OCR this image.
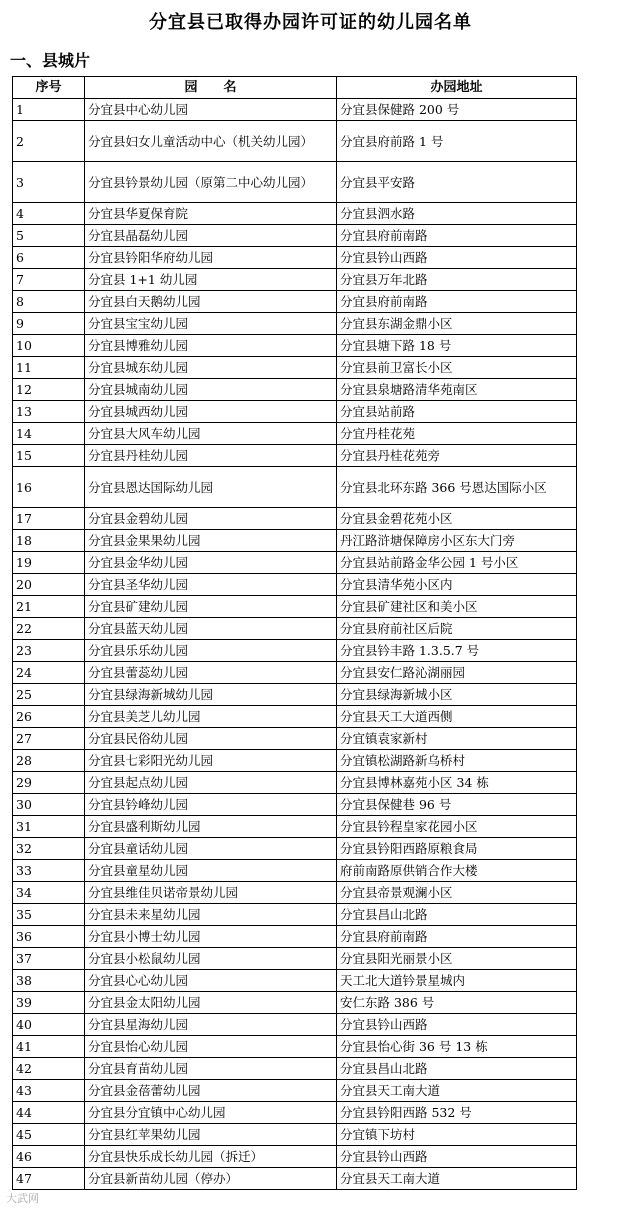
分宜县已取得办园许可证的幼儿园名单
一、县城片
序号	园　　名	办园地址
1	分宜县中心幼儿园	分宜县保健路 200 号
2	分宜县妇女儿童活动中心（机关幼儿园）	分宜县府前路 1 号
3	分宜县钤景幼儿园（原第二中心幼儿园）	分宜县平安路
4	分宜县华夏保育院	分宜县泗水路
5	分宜县晶磊幼儿园	分宜县府前南路
6	分宜县钤阳华府幼儿园	分宜县钤山西路
7	分宜县 1+1 幼儿园	分宜县万年北路
8	分宜县白天鹅幼儿园	分宜县府前南路
9	分宜县宝宝幼儿园	分宜县东湖金鼎小区
10	分宜县博雅幼儿园	分宜县塘下路 18 号
11	分宜县城东幼儿园	分宜县前卫富长小区
12	分宜县城南幼儿园	分宜县泉塘路清华苑南区
13	分宜县城西幼儿园	分宜县站前路
14	分宜县大风车幼儿园	分宜丹桂花苑
15	分宜县丹桂幼儿园	分宜县丹桂花苑旁
16	分宜县恩达国际幼儿园	分宜县北环东路 366 号恩达国际小区
17	分宜县金碧幼儿园	分宜县金碧花苑小区
18	分宜县金果果幼儿园	丹江路浒塘保障房小区东大门旁
19	分宜县金华幼儿园	分宜县站前路金华公园 1 号小区
20	分宜县圣华幼儿园	分宜县清华苑小区内
21	分宜县矿建幼儿园	分宜县矿建社区和美小区
22	分宜县蓝天幼儿园	分宜县府前社区后院
23	分宜县乐乐幼儿园	分宜县钤丰路 1.3.5.7 号
24	分宜县蕾蕊幼儿园	分宜县安仁路沁湖丽园
25	分宜县绿海新城幼儿园	分宜县绿海新城小区
26	分宜县美芝儿幼儿园	分宜县天工大道西侧
27	分宜县民俗幼儿园	分宜镇袁家新村
28	分宜县七彩阳光幼儿园	分宜镇松湖路新乌桥村
29	分宜县起点幼儿园	分宜县博林嘉苑小区 34 栋
30	分宜县钤峰幼儿园	分宜县保健巷 96 号
31	分宜县盛利斯幼儿园	分宜县钤程皇家花园小区
32	分宜县童话幼儿园	分宜县钤阳西路原粮食局
33	分宜县童星幼儿园	府前南路原供销合作大楼
34	分宜县维佳贝诺帝景幼儿园	分宜县帝景观澜小区
35	分宜县未来星幼儿园	分宜县昌山北路
36	分宜县小博士幼儿园	分宜县府前南路
37	分宜县小松鼠幼儿园	分宜县阳光丽景小区
38	分宜县心心幼儿园	天工北大道钤景星城内
39	分宜县金太阳幼儿园	安仁东路 386 号
40	分宜县星海幼儿园	分宜县钤山西路
41	分宜县怡心幼儿园	分宜县怡心街 36 号 13 栋
42	分宜县育苗幼儿园	分宜县昌山北路
43	分宜县金蓓蕾幼儿园	分宜县天工南大道
44	分宜县分宜镇中心幼儿园	分宜县钤阳西路 532 号
45	分宜县红苹果幼儿园	分宜镇下坊村
46	分宜县快乐成长幼儿园（拆迁）	分宜县钤山西路
47	分宜县新苗幼儿园（停办）	分宜县天工南大道
大武网
